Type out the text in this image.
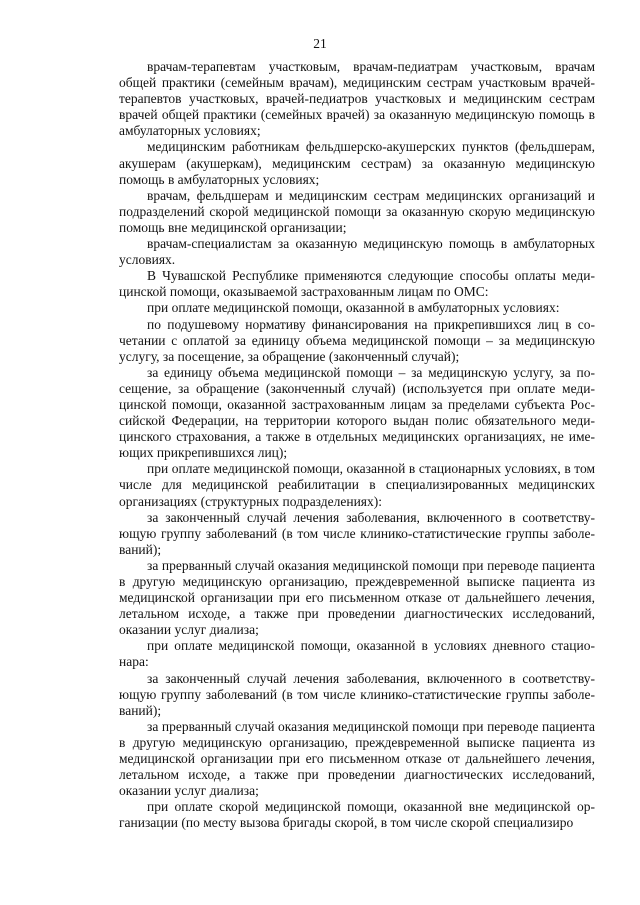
21

врачам-терапевтам участковым, врачам-педиатрам участковым, врачам общей практики (семейным врачам), медицинским сестрам участковым врачей-терапевтов участковых, врачей-педиатров участковых и медицинским сестрам врачей общей практики (семейных врачей) за оказанную медицинскую помощь в амбулаторных условиях;

медицинским работникам фельдшерско-акушерских пунктов (фельдшерам, акушерам (акушеркам), медицинским сестрам) за оказанную медицинскую помощь в амбулаторных условиях;

врачам, фельдшерам и медицинским сестрам медицинских организаций и подразделений скорой медицинской помощи за оказанную скорую медицинскую помощь вне медицинской организации;

врачам-специалистам за оказанную медицинскую помощь в амбулаторных условиях.

В Чувашской Республике применяются следующие способы оплаты медицинской помощи, оказываемой застрахованным лицам по ОМС:

при оплате медицинской помощи, оказанной в амбулаторных условиях:

по подушевому нормативу финансирования на прикрепившихся лиц в сочетании с оплатой за единицу объема медицинской помощи – за медицинскую услугу, за посещение, за обращение (законченный случай);

за единицу объема медицинской помощи – за медицинскую услугу, за посещение, за обращение (законченный случай) (используется при оплате медицинской помощи, оказанной застрахованным лицам за пределами субъекта Российской Федерации, на территории которого выдан полис обязательного медицинского страхования, а также в отдельных медицинских организациях, не имеющих прикрепившихся лиц);

при оплате медицинской помощи, оказанной в стационарных условиях, в том числе для медицинской реабилитации в специализированных медицинских организациях (структурных подразделениях):

за законченный случай лечения заболевания, включенного в соответствующую группу заболеваний (в том числе клинико-статистические группы заболеваний);

за прерванный случай оказания медицинской помощи при переводе пациента в другую медицинскую организацию, преждевременной выписке пациента из медицинской организации при его письменном отказе от дальнейшего лечения, летальном исходе, а также при проведении диагностических исследований, оказании услуг диализа;

при оплате медицинской помощи, оказанной в условиях дневного стационара:

за законченный случай лечения заболевания, включенного в соответствующую группу заболеваний (в том числе клинико-статистические группы заболеваний);

за прерванный случай оказания медицинской помощи при переводе пациента в другую медицинскую организацию, преждевременной выписке пациента из медицинской организации при его письменном отказе от дальнейшего лечения, летальном исходе, а также при проведении диагностических исследований, оказании услуг диализа;

при оплате скорой медицинской помощи, оказанной вне медицинской организации (по месту вызова бригады скорой, в том числе скорой специализиро
